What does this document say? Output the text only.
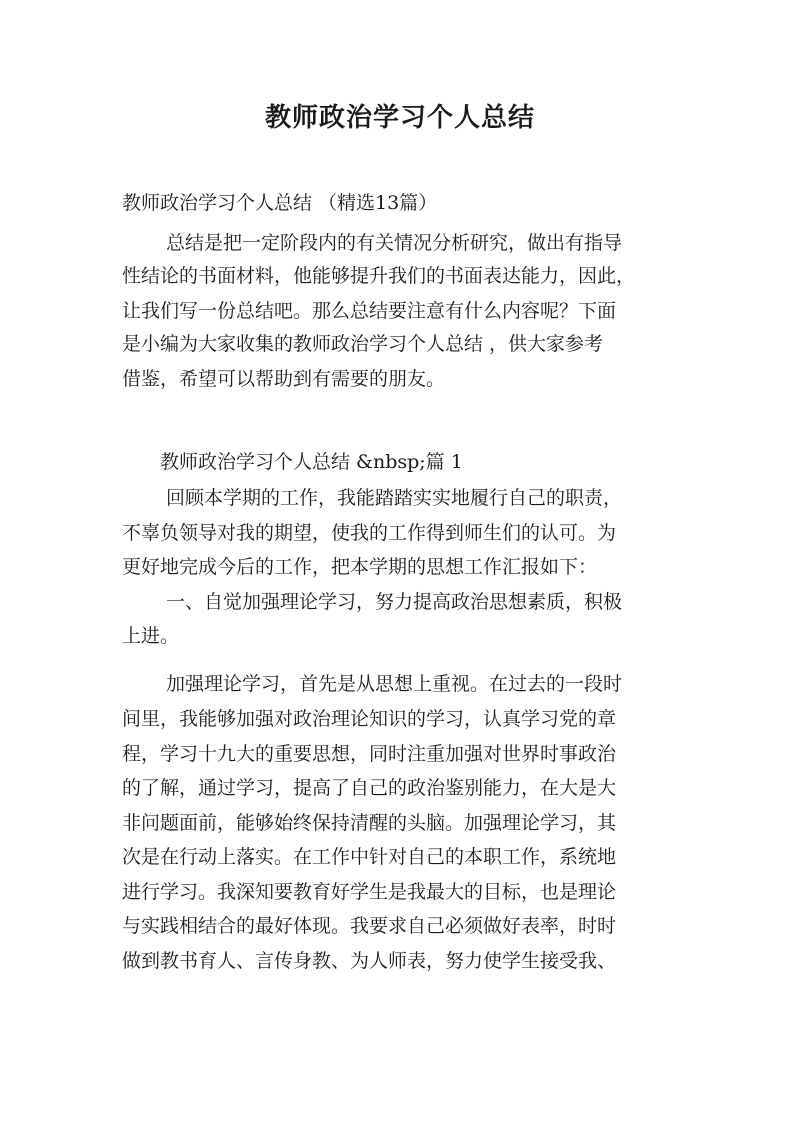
教师政治学习个人总结
教师政治学习个人总结 （精选13篇）
总结是把一定阶段内的有关情况分析研究，做出有指导
性结论的书面材料，他能够提升我们的书面表达能力，因此，
让我们写一份总结吧。那么总结要注意有什么内容呢？下面
是小编为大家收集的教师政治学习个人总结 ，供大家参考
借鉴，希望可以帮助到有需要的朋友。
教师政治学习个人总结 &nbsp;篇 1
回顾本学期的工作，我能踏踏实实地履行自己的职责，
不辜负领导对我的期望，使我的工作得到师生们的认可。为
更好地完成今后的工作，把本学期的思想工作汇报如下：
一、自觉加强理论学习，努力提高政治思想素质，积极
上进。
加强理论学习，首先是从思想上重视。在过去的一段时
间里，我能够加强对政治理论知识的学习，认真学习党的章
程，学习十九大的重要思想，同时注重加强对世界时事政治
的了解，通过学习，提高了自己的政治鉴别能力，在大是大
非问题面前，能够始终保持清醒的头脑。加强理论学习，其
次是在行动上落实。在工作中针对自己的本职工作，系统地
进行学习。我深知要教育好学生是我最大的目标，也是理论
与实践相结合的最好体现。我要求自己必须做好表率，时时
做到教书育人、言传身教、为人师表，努力使学生接受我、
